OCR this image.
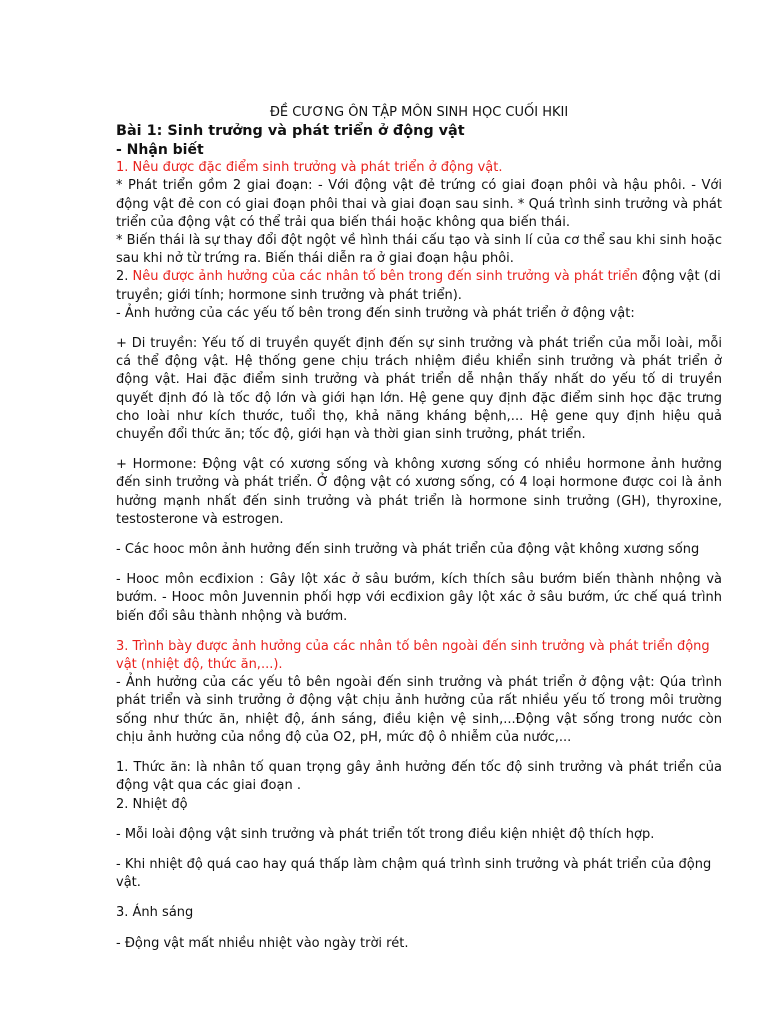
ĐỀ CƯƠNG ÔN TẬP MÔN SINH HỌC CUỐI HKII

Bài 1: Sinh trưởng và phát triển ở động vật

- Nhận biết

1. Nêu được đặc điểm sinh trưởng và phát triển ở động vật.

* Phát triển gồm 2 giai đoạn: - Với động vật đẻ trứng có giai đoạn phôi và hậu phôi. - Với động vật đẻ con có giai đoạn phôi thai và giai đoạn sau sinh. * Quá trình sinh trưởng và phát triển của động vật có thể trải qua biến thái hoặc không qua biến thái.

* Biến thái là sự thay đổi đột ngột về hình thái cấu tạo và sinh lí của cơ thể sau khi sinh hoặc sau khi nở từ trứng ra. Biến thái diễn ra ở giai đoạn hậu phôi.

2. Nêu được ảnh hưởng của các nhân tố bên trong đến sinh trưởng và phát triển động vật (di truyền; giới tính; hormone sinh trưởng và phát triển).

- Ảnh hưởng của các yếu tố bên trong đến sinh trưởng và phát triển ở động vật:

+ Di truyền: Yếu tố di truyền quyết định đến sự sinh trưởng và phát triển của mỗi loài, mỗi cá thể động vật. Hệ thống gene chịu trách nhiệm điều khiển sinh trưởng và phát triển ở động vật. Hai đặc điểm sinh trưởng và phát triển dễ nhận thấy nhất do yếu tố di truyền quyết định đó là tốc độ lớn và giới hạn lớn. Hệ gene quy định đặc điểm sinh học đặc trưng cho loài như kích thước, tuổi thọ, khả năng kháng bệnh,... Hệ gene quy định hiệu quả chuyển đổi thức ăn; tốc độ, giới hạn và thời gian sinh trưởng, phát triển.

+ Hormone: Động vật có xương sống và không xương sống có nhiều hormone ảnh hưởng đến sinh trưởng và phát triển. Ở động vật có xương sống, có 4 loại hormone được coi là ảnh hưởng mạnh nhất đến sinh trưởng và phát triển là hormone sinh trưởng (GH), thyroxine, testosterone và estrogen.

- Các hooc môn ảnh hưởng đến sinh trưởng và phát triển của động vật không xương sống

- Hooc môn ecđixion : Gây lột xác ở sâu bướm, kích thích sâu bướm biến thành nhộng và bướm. - Hooc môn Juvennin phối hợp với ecđixion gây lột xác ở sâu bướm, ức chế quá trình biến đổi sâu thành nhộng và bướm.

3. Trình bày được ảnh hưởng của các nhân tố bên ngoài đến sinh trưởng và phát triển động vật (nhiệt độ, thức ăn,...).

- Ảnh hưởng của các yếu tô bên ngoài đến sinh trưởng và phát triển ở động vật: Qúa trình phát triển và sinh trưởng ở động vật chịu ảnh hưởng của rất nhiều yếu tố trong môi trường sống như thức ăn, nhiệt độ, ánh sáng, điều kiện vệ sinh,...Động vật sống trong nước còn chịu ảnh hưởng của nồng độ của O2, pH, mức độ ô nhiễm của nước,...

1. Thức ăn: là nhân tố quan trọng gây ảnh hưởng đến tốc độ sinh trưởng và phát triển của động vật qua các giai đoạn .

2. Nhiệt độ

- Mỗi loài động vật sinh trưởng và phát triển tốt trong điều kiện nhiệt độ thích hợp.

- Khi nhiệt độ quá cao hay quá thấp làm chậm quá trình sinh trưởng và phát triển của động vật.

3. Ánh sáng

- Động vật mất nhiều nhiệt vào ngày trời rét.
